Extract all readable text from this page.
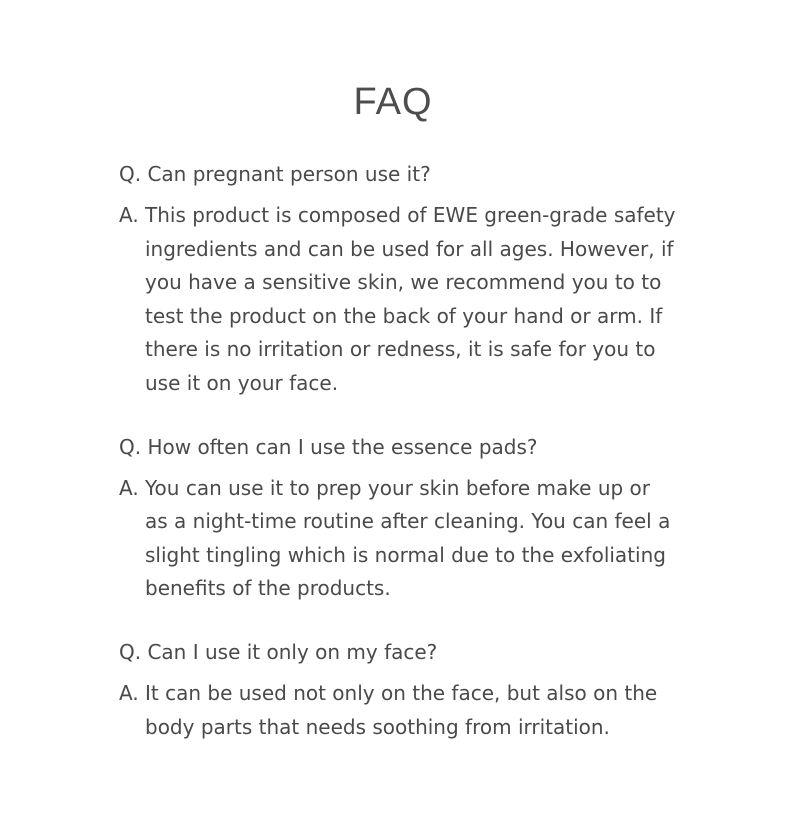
FAQ

Q. Can pregnant person use it?

A. This product is composed of EWE green-grade safety ingredients and can be used for all ages. However, if you have a sensitive skin, we recommend you to to test the product on the back of your hand or arm. If there is no irritation or redness, it is safe for you to use it on your face.

Q. How often can I use the essence pads?

A. You can use it to prep your skin before make up or as a night-time routine after cleaning. You can feel a slight tingling which is normal due to the exfoliating benefits of the products.

Q. Can I use it only on my face?

A. It can be used not only on the face, but also on the body parts that needs soothing from irritation.
